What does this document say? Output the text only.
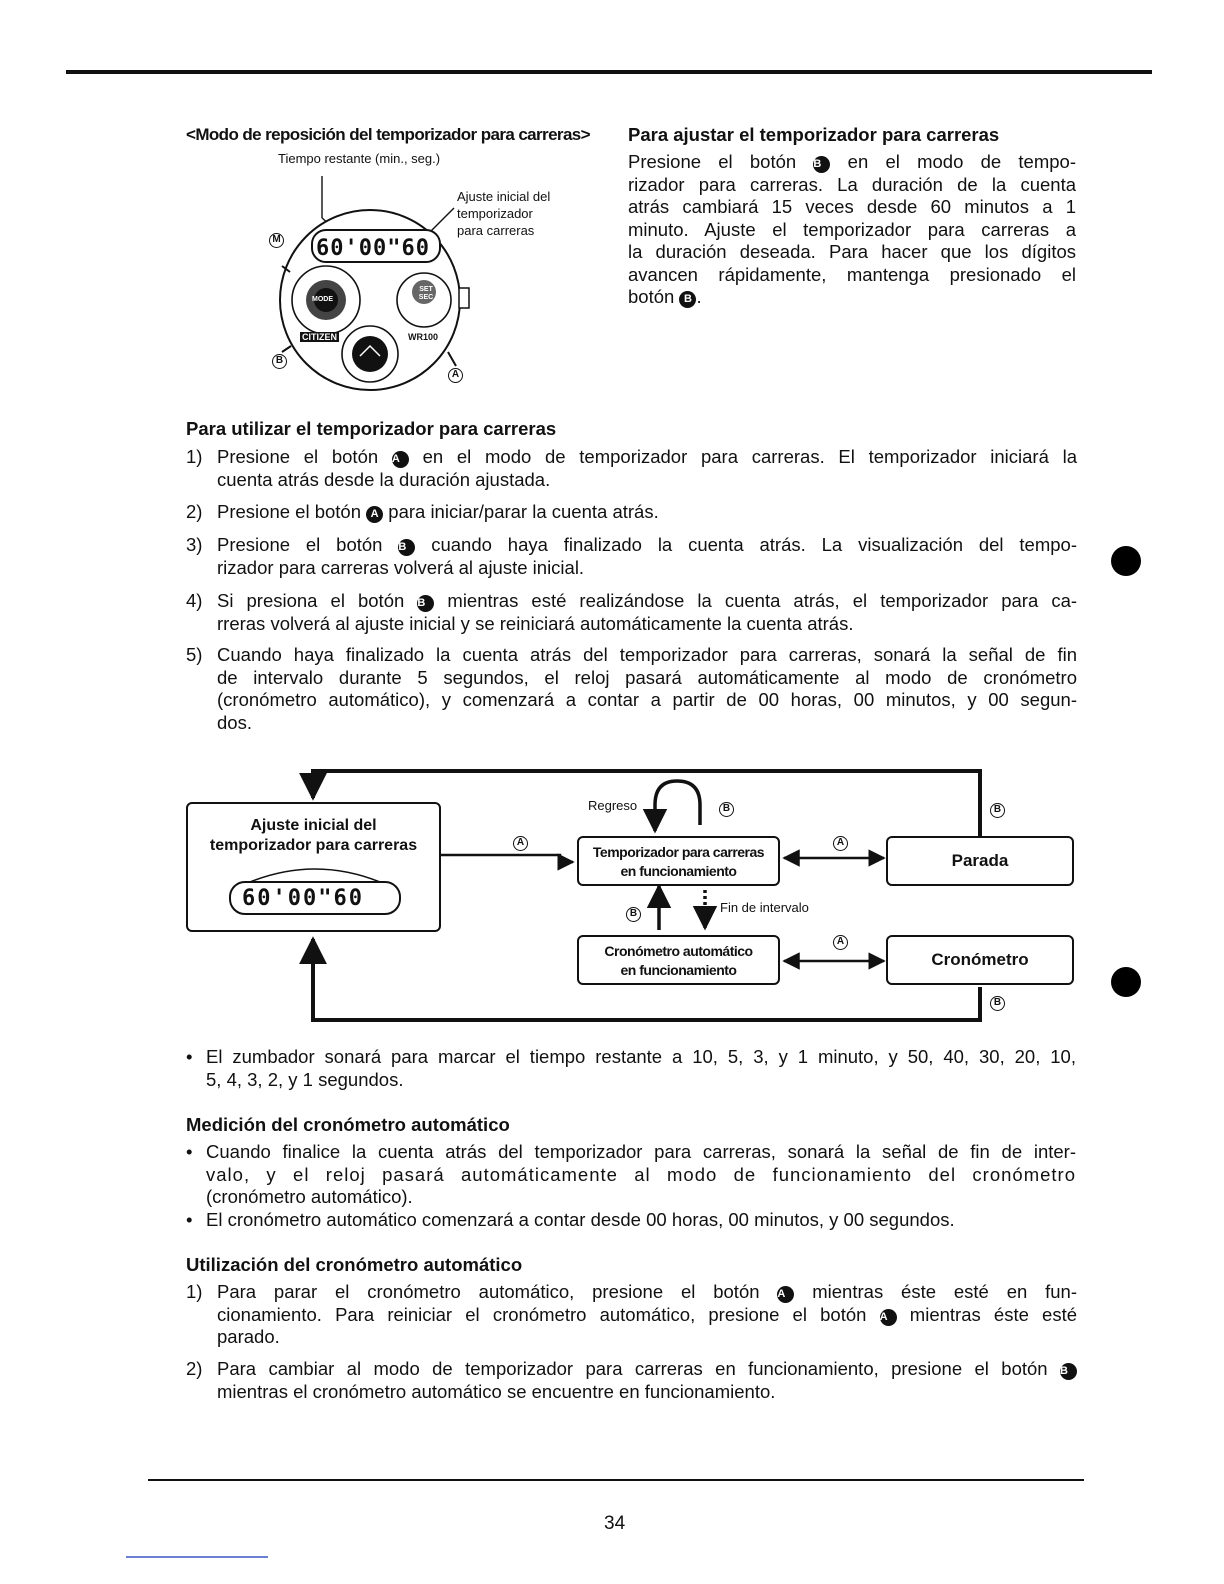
<Modo de reposición del temporizador para carreras>
Tiempo restante (min., seg.)
Ajuste inicial del
temporizador
para carreras
60'00"60
CITIZEN	WR100
MODE
SET SEC
M
B
A
Para ajustar el temporizador para carreras
Presione el botón B en el modo de tempo-
rizador para carreras. La duración de la cuenta
atrás cambiará 15 veces desde 60 minutos a 1
minuto. Ajuste el temporizador para carreras a
la duración deseada. Para hacer que los dígitos
avancen rápidamente, mantenga presionado el
botón B .
Para utilizar el temporizador para carreras
1) Presione el botón A en el modo de temporizador para carreras. El temporizador iniciará la
cuenta atrás desde la duración ajustada.
2) Presione el botón A para iniciar/parar la cuenta atrás.
3) Presione el botón B cuando haya finalizado la cuenta atrás. La visualización del tempo-
rizador para carreras volverá al ajuste inicial.
4) Si presiona el botón B mientras esté realizándose la cuenta atrás, el temporizador para ca-
rreras volverá al ajuste inicial y se reiniciará automáticamente la cuenta atrás.
5) Cuando haya finalizado la cuenta atrás del temporizador para carreras, sonará la señal de fin
de intervalo durante 5 segundos, el reloj pasará automáticamente al modo de cronómetro
(cronómetro automático), y comenzará a contar a partir de 00 horas, 00 minutos, y 00 segun-
dos.
Ajuste inicial del
temporizador para carreras
60'00"60
Temporizador para carreras
en funcionamiento
Parada
Cronómetro automático
en funcionamiento
Cronómetro
Regreso
Fin de intervalo
A
B
A
B
B
A
B
• El zumbador sonará para marcar el tiempo restante a 10, 5, 3, y 1 minuto, y 50, 40, 30, 20, 10,
5, 4, 3, 2, y 1 segundos.
Medición del cronómetro automático
• Cuando finalice la cuenta atrás del temporizador para carreras, sonará la señal de fin de inter-
valo, y el reloj pasará automáticamente al modo de funcionamiento del cronómetro
(cronómetro automático).
• El cronómetro automático comenzará a contar desde 00 horas, 00 minutos, y 00 segundos.
Utilización del cronómetro automático
1) Para parar el cronómetro automático, presione el botón A mientras éste esté en fun-
cionamiento. Para reiniciar el cronómetro automático, presione el botón A mientras éste esté
parado.
2) Para cambiar al modo de temporizador para carreras en funcionamiento, presione el botón B
mientras el cronómetro automático se encuentre en funcionamiento.
34
